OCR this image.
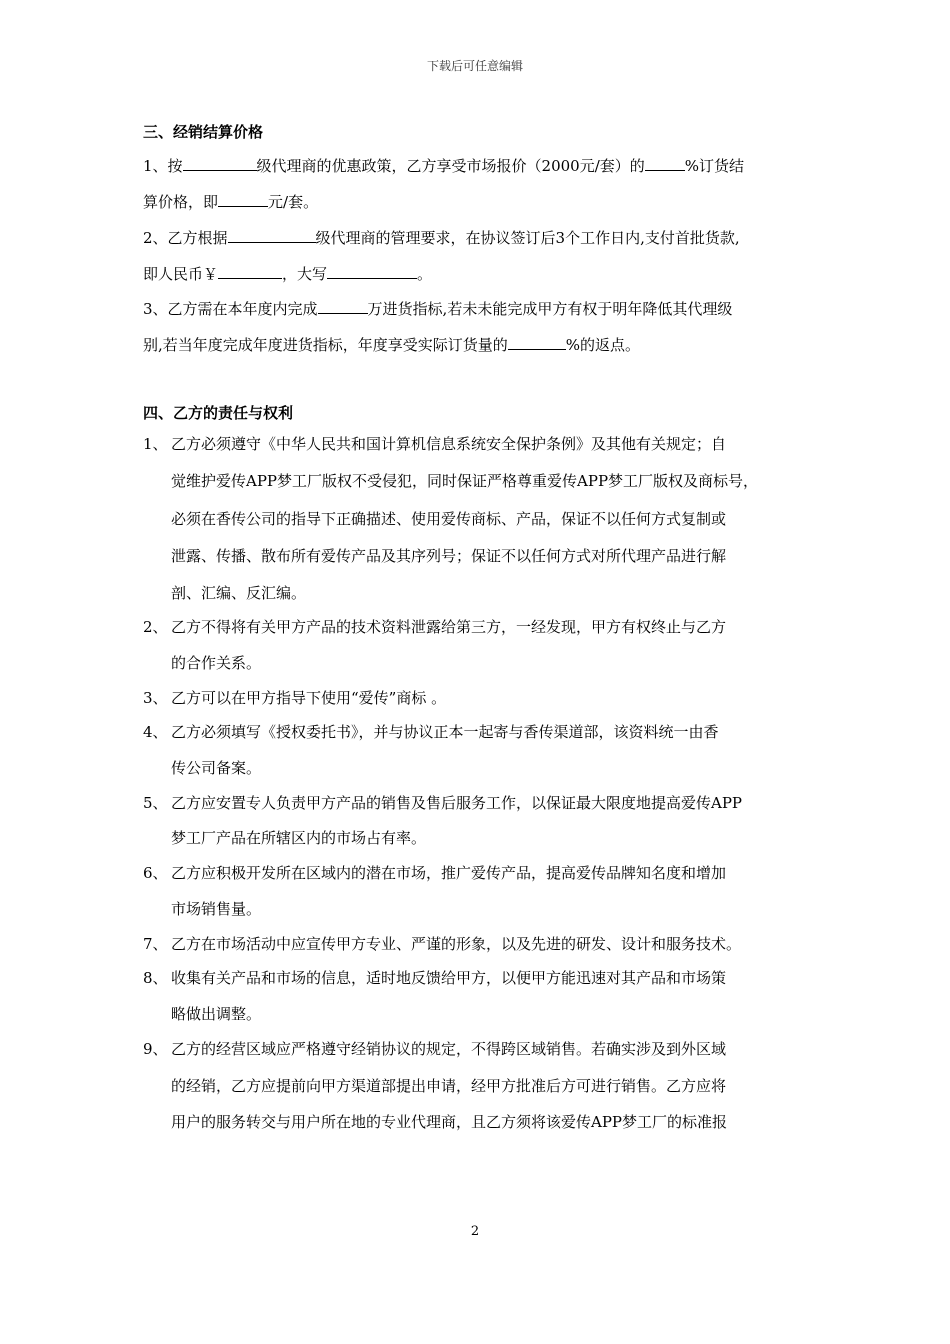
下载后可任意编辑
三、经销结算价格
1、按	级代理商的优惠政策，乙方享受市场报价（2000元/套）的	%订货结
算价格，即	元/套。
2、乙方根据	级代理商的管理要求，在协议签订后3个工作日内,支付首批货款,
即人民币￥	，大写	。
3、乙方需在本年度内完成	万进货指标,若未未能完成甲方有权于明年降低其代理级
别,若当年度完成年度进货指标，年度享受实际订货量的	%的返点。
四、乙方的责任与权利
1、 乙方必须遵守《中华人民共和国计算机信息系统安全保护条例》及其他有关规定；自
觉维护爱传APP梦工厂版权不受侵犯，同时保证严格尊重爱传APP梦工厂版权及商标号，
必须在香传公司的指导下正确描述、使用爱传商标、产品，保证不以任何方式复制或
泄露、传播、散布所有爱传产品及其序列号；保证不以任何方式对所代理产品进行解
剖、汇编、反汇编。
2、 乙方不得将有关甲方产品的技术资料泄露给第三方，一经发现，甲方有权终止与乙方
的合作关系。
3、 乙方可以在甲方指导下使用“爱传”商标 。
4、 乙方必须填写《授权委托书》，并与协议正本一起寄与香传渠道部，该资料统一由香
传公司备案。
5、 乙方应安置专人负责甲方产品的销售及售后服务工作，以保证最大限度地提高爱传APP
梦工厂产品在所辖区内的市场占有率。
6、 乙方应积极开发所在区域内的潜在市场，推广爱传产品，提高爱传品牌知名度和增加
市场销售量。
7、 乙方在市场活动中应宣传甲方专业、严谨的形象，以及先进的研发、设计和服务技术。
8、 收集有关产品和市场的信息，适时地反馈给甲方，以便甲方能迅速对其产品和市场策
略做出调整。
9、 乙方的经营区域应严格遵守经销协议的规定，不得跨区域销售。若确实涉及到外区域
的经销，乙方应提前向甲方渠道部提出申请，经甲方批准后方可进行销售。乙方应将
用户的服务转交与用户所在地的专业代理商，且乙方须将该爱传APP梦工厂的标准报
2
